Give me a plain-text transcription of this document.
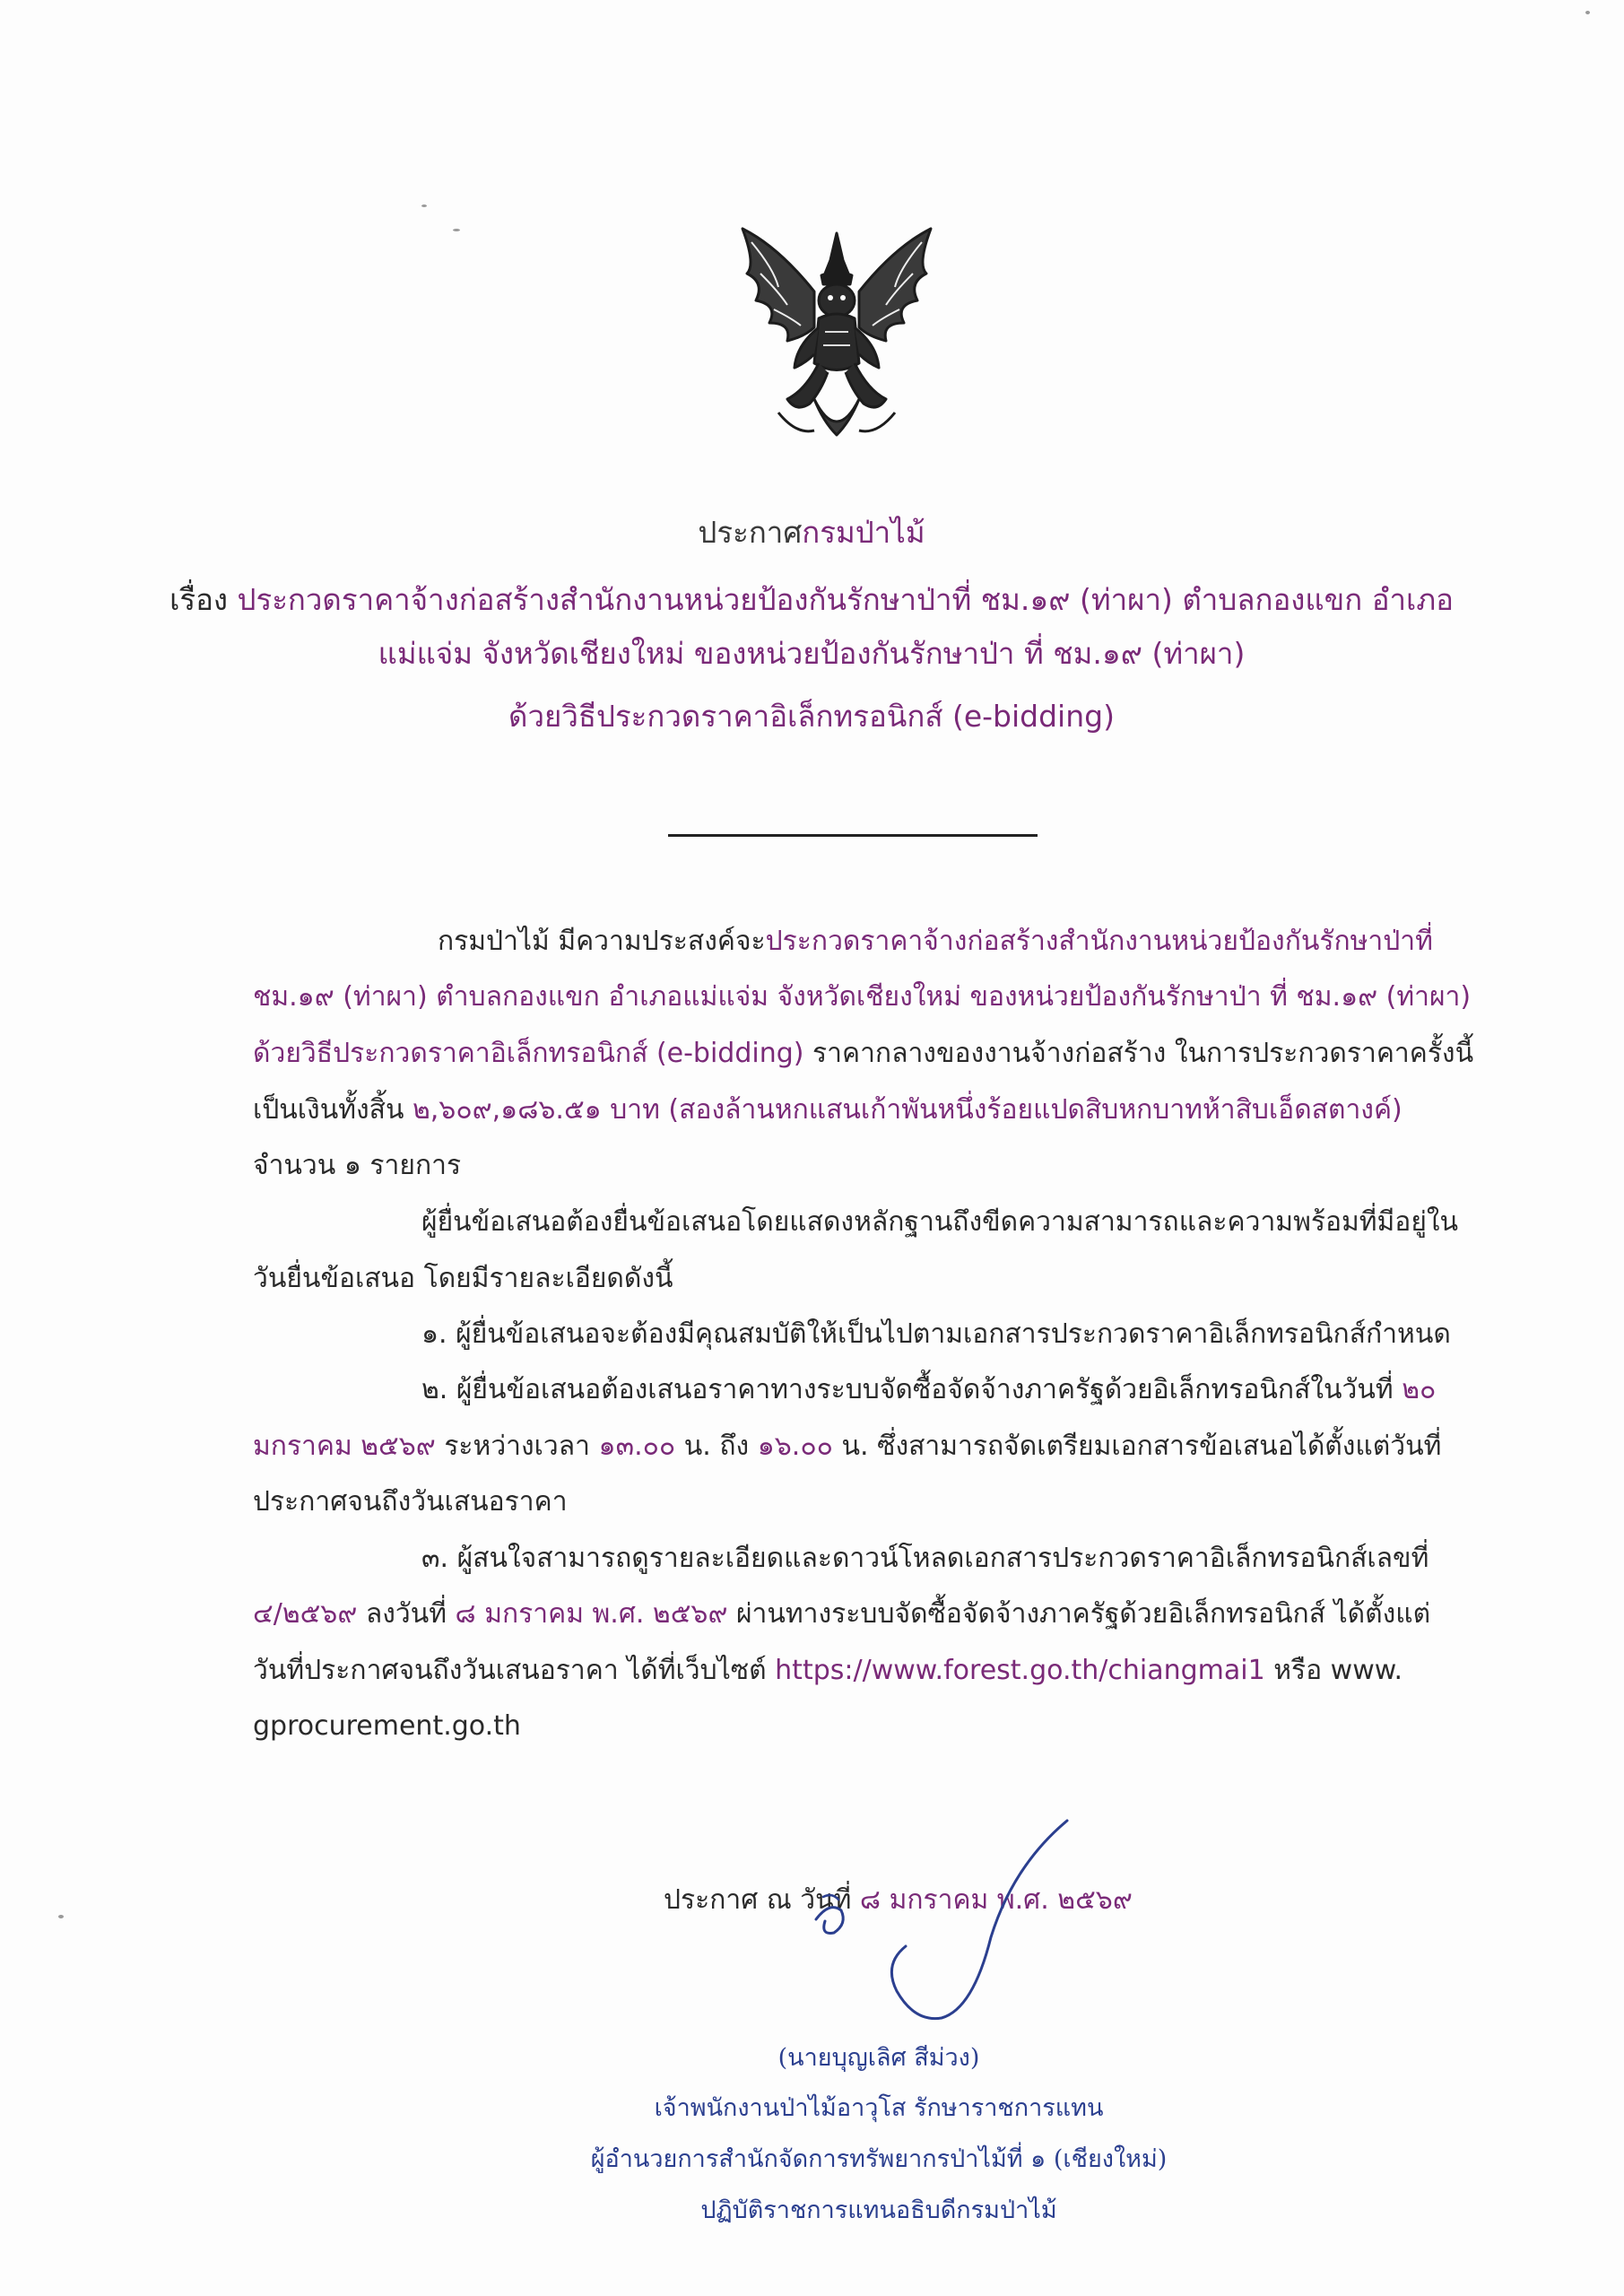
ประกาศกรมป่าไม้
เรื่อง ประกวดราคาจ้างก่อสร้างสำนักงานหน่วยป้องกันรักษาป่าที่ ชม.๑๙ (ท่าผา) ตำบลกองแขก อำเภอ
แม่แจ่ม จังหวัดเชียงใหม่ ของหน่วยป้องกันรักษาป่า ที่ ชม.๑๙ (ท่าผา)
ด้วยวิธีประกวดราคาอิเล็กทรอนิกส์ (e-bidding)
กรมป่าไม้ มีความประสงค์จะประกวดราคาจ้างก่อสร้างสำนักงานหน่วยป้องกันรักษาป่าที่
ชม.๑๙ (ท่าผา) ตำบลกองแขก อำเภอแม่แจ่ม จังหวัดเชียงใหม่ ของหน่วยป้องกันรักษาป่า ที่ ชม.๑๙ (ท่าผา)
ด้วยวิธีประกวดราคาอิเล็กทรอนิกส์ (e-bidding) ราคากลางของงานจ้างก่อสร้าง ในการประกวดราคาครั้งนี้
เป็นเงินทั้งสิ้น ๒,๖๐๙,๑๘๖.๕๑ บาท (สองล้านหกแสนเก้าพันหนึ่งร้อยแปดสิบหกบาทห้าสิบเอ็ดสตางค์)
จำนวน ๑ รายการ
ผู้ยื่นข้อเสนอต้องยื่นข้อเสนอโดยแสดงหลักฐานถึงขีดความสามารถและความพร้อมที่มีอยู่ใน
วันยื่นข้อเสนอ โดยมีรายละเอียดดังนี้
๑. ผู้ยื่นข้อเสนอจะต้องมีคุณสมบัติให้เป็นไปตามเอกสารประกวดราคาอิเล็กทรอนิกส์กำหนด
๒. ผู้ยื่นข้อเสนอต้องเสนอราคาทางระบบจัดซื้อจัดจ้างภาครัฐด้วยอิเล็กทรอนิกส์ในวันที่ ๒๐
มกราคม ๒๕๖๙ ระหว่างเวลา ๑๓.๐๐ น. ถึง ๑๖.๐๐ น. ซึ่งสามารถจัดเตรียมเอกสารข้อเสนอได้ตั้งแต่วันที่
ประกาศจนถึงวันเสนอราคา
๓. ผู้สนใจสามารถดูรายละเอียดและดาวน์โหลดเอกสารประกวดราคาอิเล็กทรอนิกส์เลขที่
๔/๒๕๖๙ ลงวันที่ ๘ มกราคม พ.ศ. ๒๕๖๙ ผ่านทางระบบจัดซื้อจัดจ้างภาครัฐด้วยอิเล็กทรอนิกส์ ได้ตั้งแต่
วันที่ประกาศจนถึงวันเสนอราคา ได้ที่เว็บไซต์ https://www.forest.go.th/chiangmai1 หรือ www.
gprocurement.go.th
ประกาศ ณ วันที่ ๘ มกราคม พ.ศ. ๒๕๖๙
(นายบุญเลิศ สีม่วง)
เจ้าพนักงานป่าไม้อาวุโส รักษาราชการแทน
ผู้อำนวยการสำนักจัดการทรัพยากรป่าไม้ที่ ๑ (เชียงใหม่)
ปฏิบัติราชการแทนอธิบดีกรมป่าไม้
